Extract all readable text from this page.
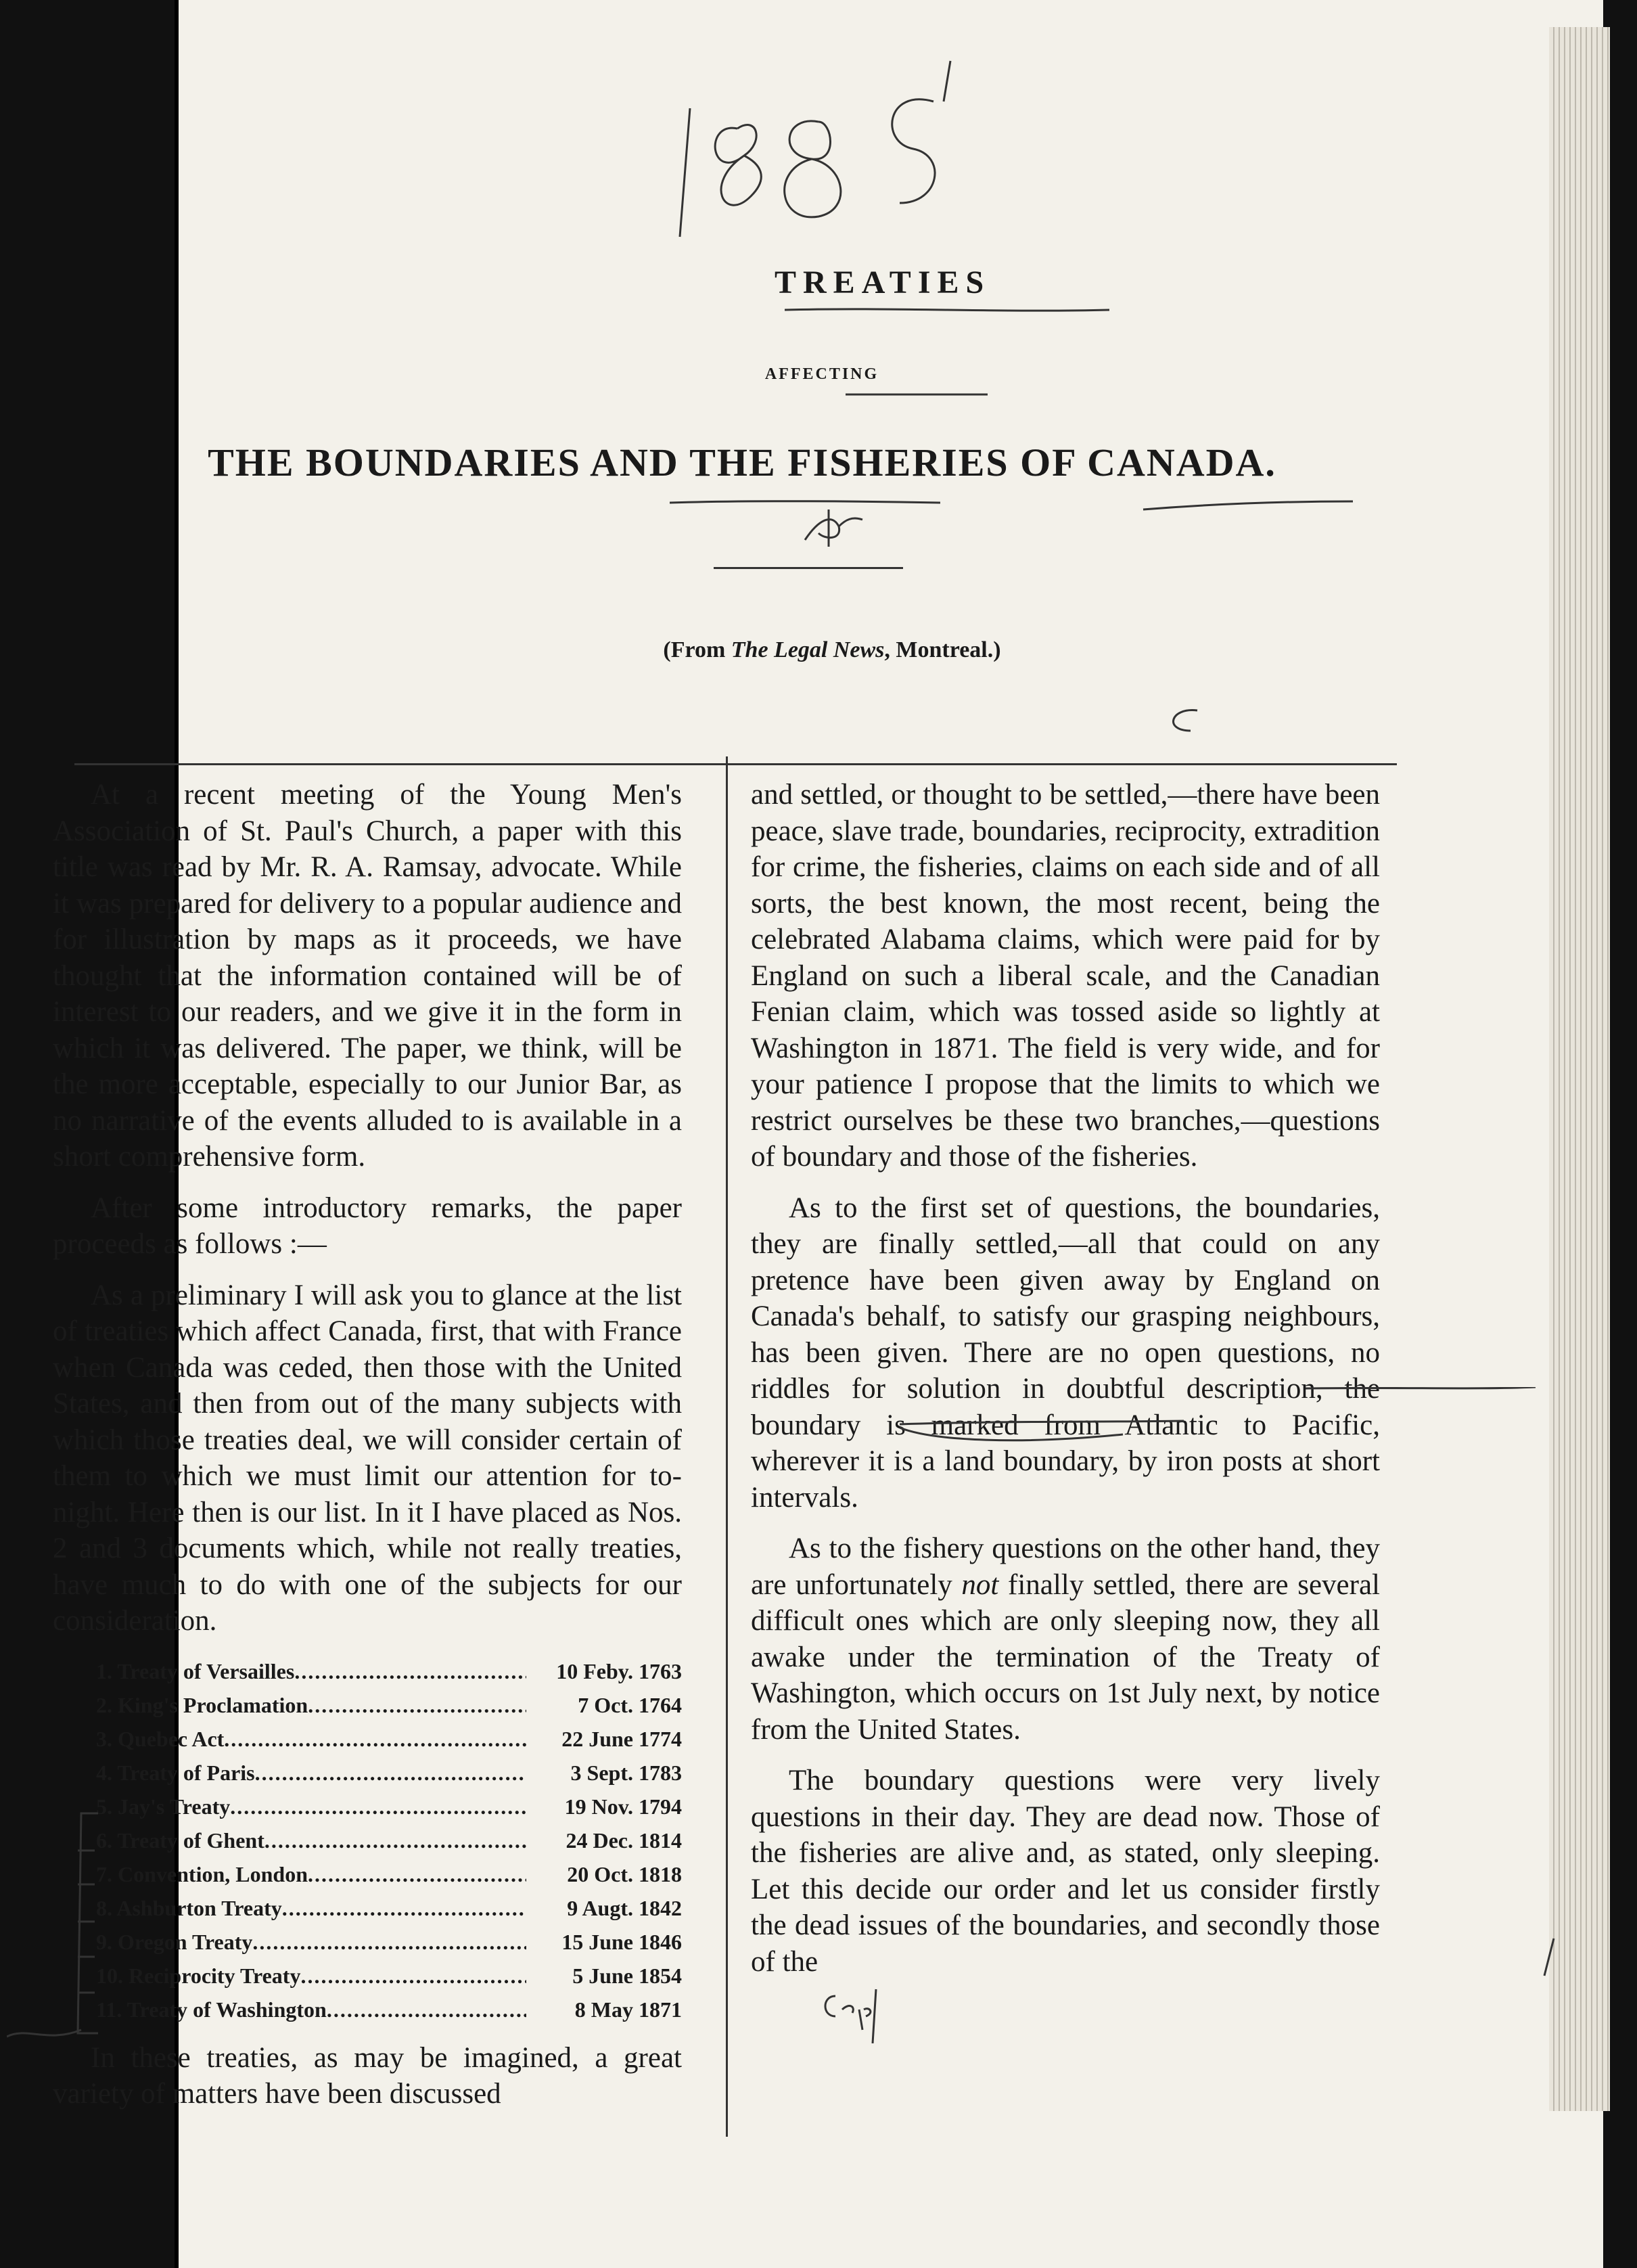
TREATIES
AFFECTING
THE BOUNDARIES AND THE FISHERIES OF CANADA.
(From The Legal News, Montreal.)

At a recent meeting of the Young Men's Association of St. Paul's Church, a paper with this title was read by Mr. R. A. Ramsay, advocate. While it was prepared for delivery to a popular audience and for illustration by maps as it proceeds, we have thought that the information contained will be of interest to our readers, and we give it in the form in which it was delivered. The paper, we think, will be the more acceptable, especially to our Junior Bar, as no narrative of the events alluded to is available in a short comprehensive form.

After some introductory remarks, the paper proceeds as follows :—

As a preliminary I will ask you to glance at the list of treaties which affect Canada, first, that with France when Canada was ceded, then those with the United States, and then from out of the many subjects with which those treaties deal, we will consider certain of them to which we must limit our attention for to-night. Here then is our list. In it I have placed as Nos. 2 and 3 documents which, while not really treaties, have much to do with one of the subjects for our consideration.

1. Treaty of Versailles .....	10 Feby. 1763
2. King's Proclamation .....	7 Oct. 1764
3. Quebec Act .....	22 June 1774
4. Treaty of Paris .....	3 Sept. 1783
5. Jay's Treaty .....	19 Nov. 1794
6. Treaty of Ghent .....	24 Dec. 1814
7. Convention, London .....	20 Oct. 1818
8. Ashburton Treaty .....	9 Augt. 1842
9. Oregon Treaty .....	15 June 1846
10. Reciprocity Treaty .....	5 June 1854
11. Treaty of Washington .....	8 May 1871

In these treaties, as may be imagined, a great variety of matters have been discussed

and settled, or thought to be settled,—there have been peace, slave trade, boundaries, reciprocity, extradition for crime, the fisheries, claims on each side and of all sorts, the best known, the most recent, being the celebrated Alabama claims, which were paid for by England on such a liberal scale, and the Canadian Fenian claim, which was tossed aside so lightly at Washington in 1871. The field is very wide, and for your patience I propose that the limits to which we restrict ourselves be these two branches,—questions of boundary and those of the fisheries.

As to the first set of questions, the boundaries, they are finally settled,—all that could on any pretence have been given away by England on Canada's behalf, to satisfy our grasping neighbours, has been given. There are no open questions, no riddles for solution in doubtful description, the boundary is marked from Atlantic to Pacific, wherever it is a land boundary, by iron posts at short intervals.

As to the fishery questions on the other hand, they are unfortunately not finally settled, there are several difficult ones which are only sleeping now, they all awake under the termination of the Treaty of Washington, which occurs on 1st July next, by notice from the United States.

The boundary questions were very lively questions in their day. They are dead now. Those of the fisheries are alive and, as stated, only sleeping. Let this decide our order and let us consider firstly the dead issues of the boundaries, and secondly those of the
